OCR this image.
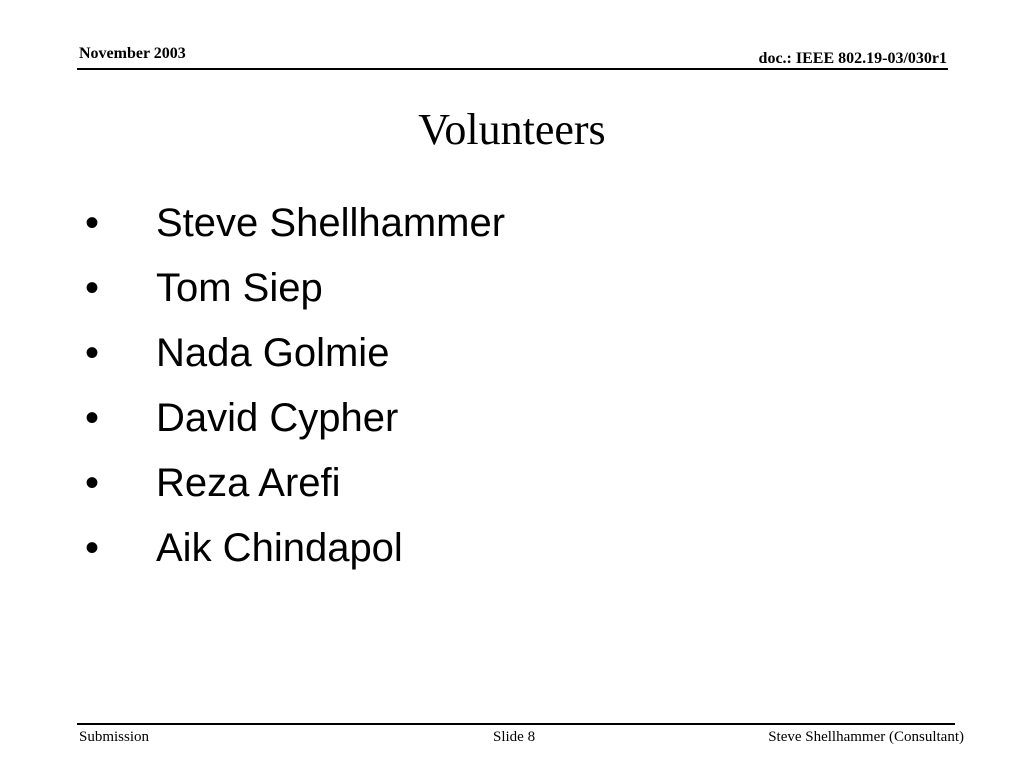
November 2003	doc.: IEEE 802.19-03/030r1
Volunteers
• Steve Shellhammer
• Tom Siep
• Nada Golmie
• David Cypher
• Reza Arefi
• Aik Chindapol
Submission	Slide 8	Steve Shellhammer (Consultant)
